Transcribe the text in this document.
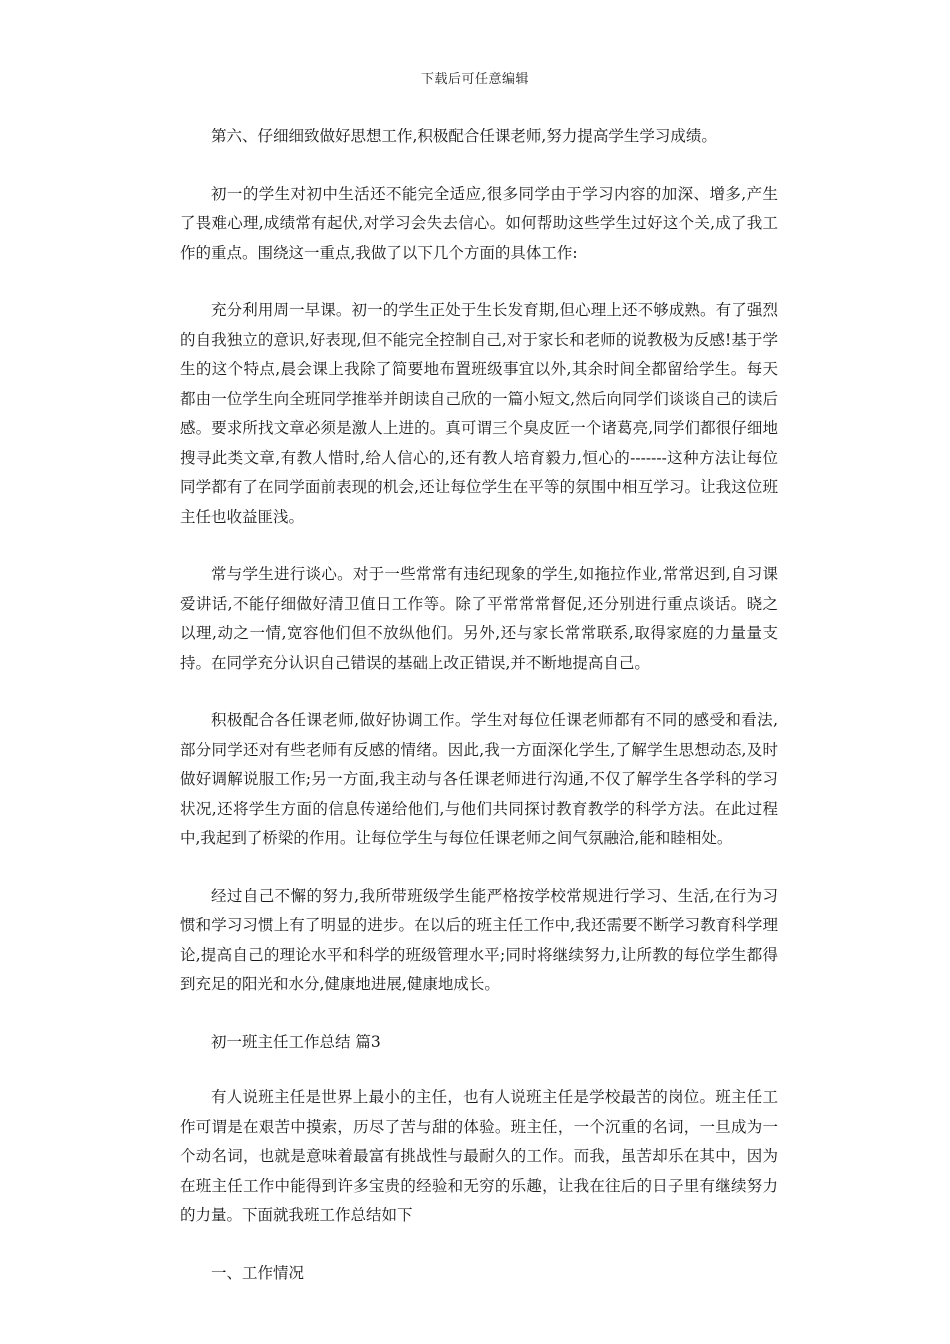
下载后可任意编辑

第六、仔细细致做好思想工作,积极配合任课老师,努力提高学生学习成绩。

初一的学生对初中生活还不能完全适应,很多同学由于学习内容的加深、增多,产生了畏难心理,成绩常有起伏,对学习会失去信心。如何帮助这些学生过好这个关,成了我工作的重点。围绕这一重点,我做了以下几个方面的具体工作:

充分利用周一早课。初一的学生正处于生长发育期,但心理上还不够成熟。有了强烈的自我独立的意识,好表现,但不能完全控制自己,对于家长和老师的说教极为反感!基于学生的这个特点,晨会课上我除了简要地布置班级事宜以外,其余时间全都留给学生。每天都由一位学生向全班同学推举并朗读自己欣的一篇小短文,然后向同学们谈谈自己的读后感。要求所找文章必须是激人上进的。真可谓三个臭皮匠一个诸葛亮,同学们都很仔细地搜寻此类文章,有教人惜时,给人信心的,还有教人培育毅力,恒心的-------这种方法让每位同学都有了在同学面前表现的机会,还让每位学生在平等的氛围中相互学习。让我这位班主任也收益匪浅。

常与学生进行谈心。对于一些常常有违纪现象的学生,如拖拉作业,常常迟到,自习课爱讲话,不能仔细做好清卫值日工作等。除了平常常常督促,还分别进行重点谈话。晓之以理,动之一情,宽容他们但不放纵他们。另外,还与家长常常联系,取得家庭的力量量支持。在同学充分认识自己错误的基础上改正错误,并不断地提高自己。

积极配合各任课老师,做好协调工作。学生对每位任课老师都有不同的感受和看法,部分同学还对有些老师有反感的情绪。因此,我一方面深化学生,了解学生思想动态,及时做好调解说服工作;另一方面,我主动与各任课老师进行沟通,不仅了解学生各学科的学习状况,还将学生方面的信息传递给他们,与他们共同探讨教育教学的科学方法。在此过程中,我起到了桥梁的作用。让每位学生与每位任课老师之间气氛融洽,能和睦相处。

经过自己不懈的努力,我所带班级学生能严格按学校常规进行学习、生活,在行为习惯和学习习惯上有了明显的进步。在以后的班主任工作中,我还需要不断学习教育科学理论,提高自己的理论水平和科学的班级管理水平;同时将继续努力,让所教的每位学生都得到充足的阳光和水分,健康地进展,健康地成长。

初一班主任工作总结 篇3

有人说班主任是世界上最小的主任，也有人说班主任是学校最苦的岗位。班主任工作可谓是在艰苦中摸索，历尽了苦与甜的体验。班主任，一个沉重的名词，一旦成为一个动名词，也就是意味着最富有挑战性与最耐久的工作。而我，虽苦却乐在其中，因为在班主任工作中能得到许多宝贵的经验和无穷的乐趣，让我在往后的日子里有继续努力的力量。下面就我班工作总结如下

一、工作情况
